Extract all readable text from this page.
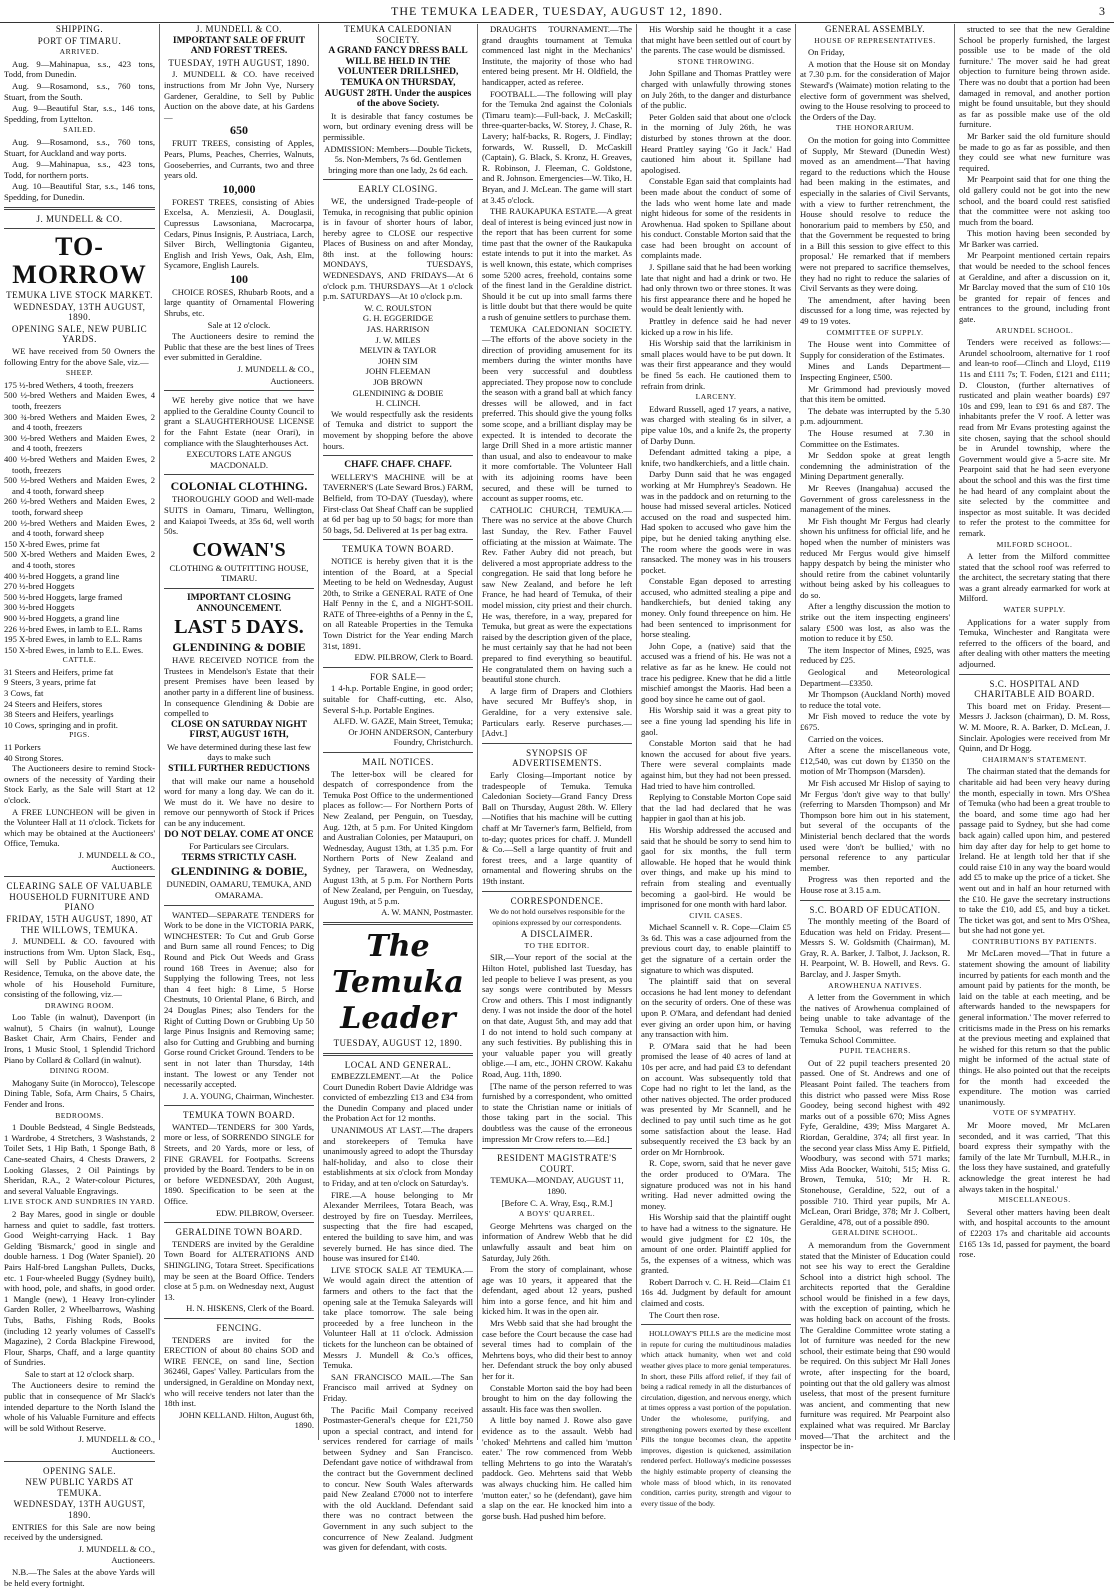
THE TEMUKA LEADER, TUESDAY, AUGUST 12, 1890.	3

SHIPPING.

PORT OF TIMARU.

ARRIVED.

Aug. 9—Mahinapua, s.s., 423 tons, Todd, from Dunedin.

Aug. 9—Rosamond, s.s., 760 tons, Stuart, from the South.

Aug. 9—Beautiful Star, s.s., 146 tons, Spedding, from Lyttelton.

SAILED.

Aug. 9—Rosamond, s.s., 760 tons, Stuart, for Auckland and way ports.

Aug. 9—Mahinapua, s.s., 423 tons, Todd, for northern ports.

Aug. 10—Beautiful Star, s.s., 146 tons, Spedding, for Dunedin.

J. MUNDELL & CO.

TO-MORROW

TEMUKA LIVE STOCK MARKET.

WEDNESDAY, 13TH AUGUST, 1890.

OPENING SALE, NEW PUBLIC YARDS.

WE have received from 50 Owners the following Entry for the above Sale, viz.—

SHEEP.

175 ½-bred Wethers, 4 tooth, freezers
500 ½-bred Wethers and Maiden Ewes, 4 tooth, freezers
300 ¾-bred Wethers and Maiden Ewes, 2 and 4 tooth, freezers
300 ½-bred Wethers and Maiden Ewes, 2 and 4 tooth, freezers
400 ½-bred Wethers and Maiden Ewes, 2 tooth, freezers
500 ½-bred Wethers and Maiden Ewes, 2 and 4 tooth, forward sheep
260 ½-bred Wethers and Maiden Ewes, 2 tooth, forward sheep
200 ½-bred Wethers and Maiden Ewes, 2 and 4 tooth, forward sheep
150 X-bred Ewes, prime fat
500 X-bred Wethers and Maiden Ewes, 2 and 4 tooth, stores
400 ½-bred Hoggets, a grand line
270 ½-bred Hoggets
500 ½-bred Hoggets, large framed
300 ½-bred Hoggets
900 ½-bred Hoggets, a grand line
226 ½-bred Ewes, in lamb to E.L. Rams
195 X-bred Ewes, in lamb to E.L. Rams
150 X-bred Ewes, in lamb to E.L. Ewes.

CATTLE.

31 Steers and Heifers, prime fat
9 Steers, 3 years, prime fat
3 Cows, fat
24 Steers and Heifers, stores
38 Steers and Heifers, yearlings
10 Cows, springing and in profit.

PIGS.

11 Porkers
40 Strong Stores.

The Auctioneers desire to remind Stock-owners of the necessity of Yarding their Stock Early, as the Sale will Start at 12 o'clock.

A FREE LUNCHEON will be given in the Volunteer Hall at 11 o'clock. Tickets for which may be obtained at the Auctioneers' Office, Temuka.

J. MUNDELL & CO.,

Auctioneers.

CLEARING SALE OF VALUABLE HOUSEHOLD FURNITURE AND PIANO

FRIDAY, 15TH AUGUST, 1890, AT THE WILLOWS, TEMUKA.

J. MUNDELL & CO. favoured with instructions from Wm. Upton Slack, Esq., will Sell by Public Auction at his Residence, Temuka, on the above date, the whole of his Household Furniture, consisting of the following, viz.—

DRAWING ROOM.

Loo Table (in walnut), Davenport (in walnut), 5 Chairs (in walnut), Lounge Basket Chair, Arm Chairs, Fender and Irons, 1 Music Stool, 1 Splendid Trichord Piano by Collard & Collard (in walnut).

DINING ROOM.

Mahogany Suite (in Morocco), Telescope Dining Table, Sofa, Arm Chairs, 5 Chairs, Fender and Irons.

BEDROOMS.

1 Double Bedstead, 4 Single Bedsteads, 1 Wardrobe, 4 Stretchers, 3 Washstands, 2 Toilet Sets, 1 Hip Bath, 1 Sponge Bath, 8 Cane-seated Chairs, 4 Chests Drawers, 2 Looking Glasses, 2 Oil Paintings by Sheridan, R.A., 2 Water-colour Pictures, and several Valuable Engravings.

LIVE STOCK AND SUNDRIES IN YARD.

2 Bay Mares, good in single or double harness and quiet to saddle, fast trotters. Good Weight-carrying Hack. 1 Bay Gelding 'Bismarck,' good in single and double harness. 1 Dog (Water Spaniel). 20 Pairs Half-bred Langshan Pullets, Ducks, etc. 1 Four-wheeled Buggy (Sydney built), with hood, pole, and shafts, in good order. 1 Mangle (new), 1 Heavy Iron-cylinder Garden Roller, 2 Wheelbarrows, Washing Tubs, Baths, Fishing Rods, Books (including 12 yearly volumes of Cassell's Magazine), 2 Corda Blackpine Firewood, Flour, Sharps, Chaff, and a large quantity of Sundries.

Sale to start at 12 o'clock sharp.

The Auctioneers desire to remind the public that in consequence of Mr Slack's intended departure to the North Island the whole of his Valuable Furniture and effects will be sold Without Reserve.

J. MUNDELL & CO.,

Auctioneers.

OPENING SALE.

NEW PUBLIC YARDS AT TEMUKA.

WEDNESDAY, 13TH AUGUST, 1890.

ENTRIES for this Sale are now being received by the undersigned.

J. MUNDELL & CO.,

Auctioneers.

N.B.—The Sales at the above Yards will be held every fortnight.

J. MUNDELL & CO.

IMPORTANT SALE OF FRUIT AND FOREST TREES.

TUESDAY, 19TH AUGUST, 1890.

J. MUNDELL & CO. have received instructions from Mr John Vye, Nursery Gardener, Geraldine, to Sell by Public Auction on the above date, at his Gardens—

650

FRUIT TREES, consisting of Apples, Pears, Plums, Peaches, Cherries, Walnuts, Gooseberries, and Currants, two and three years old.

10,000

FOREST TREES, consisting of Abies Excelsa, A. Menziesii, A. Douglasii, Cupressus Lawsoniana, Macrocarpa, Cedars, Pinus Insignis, P. Austriaca, Larch, Silver Birch, Wellingtonia Giganteu, English and Irish Yews, Oak, Ash, Elm, Sycamore, English Laurels.

100

CHOICE ROSES, Rhubarb Roots, and a large quantity of Ornamental Flowering Shrubs, etc.

Sale at 12 o'clock.

The Auctioneers desire to remind the Public that these are the best lines of Trees ever submitted in Geraldine.

J. MUNDELL & CO.,

Auctioneers.

WE hereby give notice that we have applied to the Geraldine County Council to grant a SLAUGHTERHOUSE LICENSE for the Fahnt Estate (near Orari), in compliance with the Slaughterhouses Act.

EXECUTORS LATE ANGUS MACDONALD.

COLONIAL CLOTHING.

THOROUGHLY GOOD and Well-made SUITS in Oamaru, Timaru, Wellington, and Kaiapoi Tweeds, at 35s 6d, well worth 50s.

COWAN'S

CLOTHING & OUTFITTING HOUSE, TIMARU.

IMPORTANT CLOSING ANNOUNCEMENT.

LAST 5 DAYS.

GLENDINING & DOBIE

HAVE RECEIVED NOTICE from the Trustees in Mendelson's Estate that their present Premises have been leased by another party in a different line of business. In consequence Glendining & Dobie are compelled to

CLOSE ON SATURDAY NIGHT FIRST, AUGUST 16TH,

We have determined during these last few days to make such

STILL FURTHER REDUCTIONS

that will make our name a household word for many a long day. We can do it. We must do it. We have no desire to remove our pennyworth of Stock if Prices can be any inducement.

DO NOT DELAY. COME AT ONCE

For Particulars see Circulars.

TERMS STRICTLY CASH.

GLENDINING & DOBIE,

DUNEDIN, OAMARU, TEMUKA, AND OMARAMA.

WANTED—SEPARATE TENDERS for Work to be done in the VICTORIA PARK, WINCHESTER: To Cut and Grub Gorse and Burn same all round Fences; to Dig Round and Pick Out Weeds and Grass round 168 Trees in Avenue; also for Supplying the following Trees, not less than 4 feet high: 8 Lime, 5 Horse Chestnuts, 10 Oriental Plane, 6 Birch, and 24 Douglas Pines; also Tenders for the Right of Cutting Down or Grubbing Up 50 large Pinus Insignis and Removing same; also for Cutting and Grubbing and burning Gorse round Cricket Ground. Tenders to be sent in not later than Thursday, 14th instant. The lowest or any Tender not necessarily accepted.

J. A. YOUNG, Chairman, Winchester.

TEMUKA TOWN BOARD.

WANTED—TENDERS for 300 Yards, more or less, of SORRENDO SINGLE for Streets, and 20 Yards, more or less, of FINE GRAVEL for Footpaths. Screens provided by the Board. Tenders to be in on or before WEDNESDAY, 20th August, 1890. Specification to be seen at the Office.

EDW. PILBROW, Overseer.

GERALDINE TOWN BOARD.

TENDERS are invited by the Geraldine Town Board for ALTERATIONS AND SHINGLING, Totara Street. Specifications may be seen at the Board Office. Tenders close at 5 p.m. on Wednesday next, August 13.

H. N. HISKENS, Clerk of the Board.

FENCING.

TENDERS are invited for the ERECTION of about 80 chains SOD and WIRE FENCE, on sand line, Section 36246l, Gapes' Valley. Particulars from the undersigned, in Geraldine on Monday next, who will receive tenders not later than the 18th inst.

JOHN KELLAND. Hilton, August 6th, 1890.

TEMUKA CALEDONIAN SOCIETY.

A GRAND FANCY DRESS BALL WILL BE HELD IN THE VOLUNTEER DRILLSHED, TEMUKA ON THURSDAY, AUGUST 28TH. Under the auspices of the above Society.

It is desirable that fancy costumes be worn, but ordinary evening dress will be permissible.

ADMISSION: Members—Double Tickets, 5s. Non-Members, 7s 6d. Gentlemen bringing more than one lady, 2s 6d each.

EARLY CLOSING.

WE, the undersigned Trade-people of Temuka, in recognising that public opinion is in favour of shorter hours of labor, hereby agree to CLOSE our respective Places of Business on and after Monday, 8th inst. at the following hours: MONDAYS, TUESDAYS, WEDNESDAYS, AND FRIDAYS—At 6 o'clock p.m. THURSDAYS—At 1 o'clock p.m. SATURDAYS—At 10 o'clock p.m.

W. C. ROULSTON
G. H. EGGERIDGE
JAS. HARRISON
J. W. MILES
MELVIN & TAYLOR
JOHN SIM
JOHN FLEEMAN
JOB BROWN
GLENDINING & DOBIE
H. CLINCH.

We would respectfully ask the residents of Temuka and district to support the movement by shopping before the above hours.

CHAFF. CHAFF. CHAFF.

WELLERY'S MACHINE will be at TAVERNER'S (Late Seward Bros.) FARM, Belfield, from TO-DAY (Tuesday), where First-class Oat Sheaf Chaff can be supplied at 6d per bag up to 50 bags; for more than 50 bags, 5d. Delivered at 1s per bag extra.

TEMUKA TOWN BOARD.

NOTICE is hereby given that it is the intention of the Board, at a Special Meeting to be held on Wednesday, August 20th, to Strike a GENERAL RATE of One Half Penny in the £, and a NIGHT-SOIL RATE of Three-eighths of a Penny in the £, on all Rateable Properties in the Temuka Town District for the Year ending March 31st, 1891.

EDW. PILBROW, Clerk to Board.

FOR SALE—

1 4-h.p. Portable Engine, in good order; suitable for Chaff-cutting, etc. Also, Several S-h.p. Portable Engines.

ALFD. W. GAZE, Main Street, Temuka; Or JOHN ANDERSON, Canterbury Foundry, Christchurch.

MAIL NOTICES.

The letter-box will be cleared for despatch of correspondence from the Temuka Post Office to the undermentioned places as follow:— For Northern Ports of New Zealand, per Penguin, on Tuesday, Aug. 12th, at 5 p.m. For United Kingdom and Australian Colonies, per Mataupuri, on Wednesday, August 13th, at 1.35 p.m. For Northern Ports of New Zealand and Sydney, per Tarawera, on Wednesday, August 13th, at 5 p.m. For Northern Ports of New Zealand, per Penguin, on Tuesday, August 19th, at 5 p.m.

A. W. MANN, Postmaster.

The Temuka Leader

TUESDAY, AUGUST 12, 1890.

LOCAL AND GENERAL.

EMBEZZLEMENT.—At the Police Court Dunedin Robert Davie Aldridge was convicted of embezzling £13 and £34 from the Dunedin Company and placed under the Probation Act for 12 months.

UNANIMOUS AT LAST.—The drapers and storekeepers of Temuka have unanimously agreed to adopt the Thursday half-holiday, and also to close their establishments at six o'clock from Monday to Friday, and at ten o'clock on Saturday's.

FIRE.—A house belonging to Mr Alexander Merrilees, Totara Beach, was destroyed by fire on Tuesday. Merrilees, suspecting that the fire had escaped, entered the building to save him, and was severely burned. He has since died. The house was insured for £140.

LIVE STOCK SALE AT TEMUKA.—We would again direct the attention of farmers and others to the fact that the opening sale at the Temuka Saleyards will take place tomorrow. The sale being proceeded by a free luncheon in the Volunteer Hall at 11 o'clock. Admission tickets for the luncheon can be obtained of Messrs J. Mundell & Co.'s offices, Temuka.

SAN FRANCISCO MAIL.—The San Francisco mail arrived at Sydney on Friday.

The Pacific Mail Company received Postmaster-General's cheque for £21,750 upon a special contract, and intend for services rendered for carriage of mails between Sydney and San Francisco. Defendant gave notice of withdrawal from the contract but the Government declined to concur. New South Wales afterwards paid New Zealand £7000 not to interfere with the old Auckland. Defendant said there was no contract between the Government in any such subject to the concurrence of New Zealand. Judgment was given for defendant, with costs.

DRAUGHTS TOURNAMENT.—The grand draughts tournament at Temuka commenced last night in the Mechanics' Institute, the majority of those who had entered being present. Mr H. Oldfield, the handicapper, acted as referee.

FOOTBALL.—The following will play for the Temuka 2nd against the Colonials (Timaru team):—Full-back, J. McCaskill; three-quarter-backs, W. Storey, J. Chase, R. Lavery; half-backs, R. Rogers, J. Findlay; forwards, W. Russell, D. McCaskill (Captain), G. Black, S. Kronz, H. Greaves, R. Robinson, J. Fleeman, C. Goldstone, and R. Johnson. Emergencies—W. Tiko, H. Bryan, and J. McLean. The game will start at 3.45 o'clock.

THE RAUKAPUKA ESTATE.—A great deal of interest is being evinced just now in the report that has been current for some time past that the owner of the Raukapuka estate intends to put it into the market. As is well known, this estate, which comprises some 5200 acres, freehold, contains some of the finest land in the Geraldine district. Should it be cut up into small farms there is little doubt but that there would be quite a rush of genuine settlers to purchase them.

TEMUKA CALEDONIAN SOCIETY.—The efforts of the above society in the direction of providing amusement for its members during the winter months have been very successful and doubtless appreciated. They propose now to conclude the season with a grand ball at which fancy dresses will be allowed, and in fact preferred. This should give the young folks some scope, and a brilliant display may be expected. It is intended to decorate the large Drill Shed in a more artistic manner than usual, and also to endeavour to make it more comfortable. The Volunteer Hall with its adjoining rooms have been secured, and these will be turned to account as supper rooms, etc.

CATHOLIC CHURCH, TEMUKA.—There was no service at the above Church last Sunday, the Rev. Father Fauvel officiating at the mission at Waimate. The Rev. Father Aubry did not preach, but delivered a most appropriate address to the congregation. He said that long before he saw New Zealand, and before he left France, he had heard of Temuka, of their model mission, city priest and their church. He was, therefore, in a way, prepared for Temuka, but great as were the expectations raised by the description given of the place, he must certainly say that he had not been prepared to find everything so beautiful. He congratulated them on having such a beautiful stone church.

A large firm of Drapers and Clothiers have secured Mr Buffey's shop, in Geraldine, for a very extensive sale. Particulars early. Reserve purchases.—[Advt.]

SYNOPSIS OF ADVERTISEMENTS.

Early Closing—Important notice by tradespeople of Temuka. Temuka Caledonian Society—Grand Fancy Dress Ball on Thursday, August 28th. W. Ellery—Notifies that his machine will be cutting chaff at Mr Taverner's farm, Belfield, from to-day; quotes prices for chaff. J. Mundell & Co.—Sell a large quantity of fruit and forest trees, and a large quantity of ornamental and flowering shrubs on the 19th instant.

CORRESPONDENCE.

We do not hold ourselves responsible for the opinions expressed by our correspondents.

A DISCLAIMER.

TO THE EDITOR.

SIR,—Your report of the social at the Hilton Hotel, published last Tuesday, has led people to believe I was present, as you say songs were contributed by Messrs Crow and others. This I most indignantly deny. I was not inside the door of the hotel on that date, August 5th, and may add that I do not intend to hold such company at any such festivities. By publishing this in your valuable paper you will greatly oblige.—I am, etc., JOHN CROW. Kakahu Road, Aug. 11th, 1890.

[The name of the person referred to was furnished by a correspondent, who omitted to state the Christian name or initials of those taking part in the social. This doubtless was the cause of the erroneous impression Mr Crow refers to.—Ed.]

RESIDENT MAGISTRATE'S COURT.

TEMUKA—MONDAY, AUGUST 11, 1890.

[Before C. A. Wray, Esq., R.M.]

A BOYS' QUARREL.

George Mehrtens was charged on the information of Andrew Webb that he did unlawfully assault and beat him on Saturday, July 26th.

From the story of complainant, whose age was 10 years, it appeared that the defendant, aged about 12 years, pushed him into a gorse fence, and hit him and kicked him. It was in the open air.

Mrs Webb said that she had brought the case before the Court because the case had several times had to complain of the Mehrtens boys, who did their best to annoy her. Defendant struck the boy only abused her for it.

Constable Morton said the boy had been brought to him on the day following the assault. His face was then swollen.

A little boy named J. Rowe also gave evidence as to the assault. Webb had 'choked' Mehrtens and called him 'mutton eater.' The row commenced from Webb telling Mehrtens to go into the Waratah's paddock. Geo. Mehrtens said that Webb was always chucking him. He called him 'mutton eater,' so he (defendant), gave him a slap on the ear. He knocked him into a gorse bush. Had pushed him before.

His Worship said he thought it a case that might have been settled out of court by the parents. The case would be dismissed.

STONE THROWING.

John Spillane and Thomas Prattley were charged with unlawfully throwing stones on July 26th, to the danger and disturbance of the public.

Peter Golden said that about one o'clock in the morning of July 26th, he was disturbed by stones thrown at the door. Heard Prattley saying 'Go it Jack.' Had cautioned him about it. Spillane had apologised.

Constable Egan said that complaints had been made about the conduct of some of the lads who went home late and made night hideous for some of the residents in Arowhenua. Had spoken to Spillane about his conduct. Constable Morton said that the case had been brought on account of complaints made.

J. Spillane said that he had been working late that night and had a drink or two. He had only thrown two or three stones. It was his first appearance there and he hoped he would be dealt leniently with.

Prattley in defence said he had never kicked up a row in his life.

His Worship said that the larrikinism in small places would have to be put down. It was their first appearance and they would be fined 5s each. He cautioned them to refrain from drink.

LARCENY.

Edward Russell, aged 17 years, a native, was charged with stealing 6s in silver, a pipe value 10s, and a knife 2s, the property of Darby Dunn.

Defendant admitted taking a pipe, a knife, two handkerchiefs, and a little chain.

Darby Dunn said that he was engaged working at Mr Humphrey's Seadown. He was in the paddock and on returning to the house had missed several articles. Noticed accused on the road and suspected him. Had spoken to accused who gave him the pipe, but he denied taking anything else. The room where the goods were in was ransacked. The money was in his trousers pocket.

Constable Egan deposed to arresting accused, who admitted stealing a pipe and handkerchiefs, but denied taking any money. Only found threepence on him. He had been sentenced to imprisonment for horse stealing.

John Cope, a (native) said that the accused was a friend of his. He was not a relative as far as he knew. He could not trace his pedigree. Knew that he did a little mischief amongst the Maoris. Had been a good boy since he came out of gaol.

His Worship said it was a great pity to see a fine young lad spending his life in gaol.

Constable Morton said that he had known the accused for about five years. There were several complaints made against him, but they had not been pressed. Had tried to have him controlled.

Replying to Constable Morton Cope said that the lad had declared that he was happier in gaol than at his job.

His Worship addressed the accused and said that he should be sorry to send him to gaol for six months, the full term allowable. He hoped that he would think over things, and make up his mind to refrain from stealing and eventually becoming a gaol-bird. He would be imprisoned for one month with hard labor.

CIVIL CASES.

Michael Scannell v. R. Cope—Claim £5 3s 6d. This was a case adjourned from the previous court day, to enable plaintiff to get the signature of a certain order the signature to which was disputed.

The plaintiff said that on several occasions he had lent money to defendant on the security of orders. One of these was upon P. O'Mara, and defendant had denied ever giving an order upon him, or having any transaction with him.

P. O'Mara said that he had been promised the lease of 40 acres of land at 10s per acre, and had paid £3 to defendant on account. Was subsequently told that Cope had no right to let the land, as the other natives objected. The order produced was presented by Mr Scannell, and he declined to pay until such time as he got some satisfaction about the lease. Had subsequently received the £3 back by an order on Mr Hornbrook.

R. Cope, sworn, said that he never gave the order produced to O'Mara. The signature produced was not in his hand writing. Had never admitted owing the money.

His Worship said that the plaintiff ought to have had a witness to the signature. He would give judgment for £2 10s, the amount of one order. Plaintiff applied for 5s, the expenses of a witness, which was granted.

Robert Darroch v. C. H. Reid—Claim £1 16s 4d. Judgment by default for amount claimed and costs.

The Court then rose.

HOLLOWAY'S PILLS are the medicine most in repute for curing the multitudinous maladies which attack humanity, when wet and cold weather gives place to more genial temperatures. In short, these Pills afford relief, if they fail of being a radical remedy in all the disturbances of circulation, digestion, and nervous energy, which at times oppress a vast portion of the population. Under the wholesome, purifying, and strengthening powers exerted by these excellent Pills the tongue becomes clean, the appetite improves, digestion is quickened, assimilation rendered perfect. Holloway's medicine possesses the highly estimable property of cleansing the whole mass of blood which, in its renovated condition, carries purity, strength and vigour to every tissue of the body.

GENERAL ASSEMBLY.

HOUSE OF REPRESENTATIVES.

On Friday,

A motion that the House sit on Monday at 7.30 p.m. for the consideration of Major Steward's (Waimate) motion relating to the elective form of government was shelved, owing to the House resolving to proceed to the Orders of the Day.

THE HONORARIUM.

On the motion for going into Committee of Supply, Mr Steward (Dunedin West) moved as an amendment—'That having regard to the reductions which the House had been making in the estimates, and especially in the salaries of Civil Servants, with a view to further retrenchment, the House should resolve to reduce the honorarium paid to members by £50, and that the Government be requested to bring in a Bill this session to give effect to this proposal.' He remarked that if members were not prepared to sacrifice themselves, they had no right to reduce the salaries of Civil Servants as they were doing.

The amendment, after having been discussed for a long time, was rejected by 49 to 19 votes.

COMMITTEE OF SUPPLY.

The House went into Committee of Supply for consideration of the Estimates.

Mines and Lands Department—Inspecting Engineer, £500.

Mr Grimmond had previously moved that this item be omitted.

The debate was interrupted by the 5.30 p.m. adjournment.

The House resumed at 7.30 in Committee on the Estimates.

Mr Seddon spoke at great length condemning the administration of the Mining Department generally.

Mr Reeves (Inangahua) accused the Government of gross carelessness in the management of the mines.

Mr Fish thought Mr Fergus had clearly shown his unfitness for official life, and he hoped when the number of ministers was reduced Mr Fergus would give himself happy despatch by being the minister who should retire from the cabinet voluntarily without being asked by his colleagues to do so.

After a lengthy discussion the motion to strike out the item inspecting engineers' salary £500 was lost, as also was the motion to reduce it by £50.

The item Inspector of Mines, £925, was reduced by £25.

Geological and Meteorological Department—£3350.

Mr Thompson (Auckland North) moved to reduce the total vote.

Mr Fish moved to reduce the vote by £675.

Carried on the voices.

After a scene the miscellaneous vote, £12,540, was cut down by £1350 on the motion of Mr Thompson (Marsden).

Mr Fish accused Mr Hislop of saying to Mr Fergus 'don't give way to that bully' (referring to Marsden Thompson) and Mr Thompson bore him out in his statement, but several of the occupants of the Ministerial bench declared that the words used were 'don't be bullied,' with no personal reference to any particular member.

Progress was then reported and the House rose at 3.15 a.m.

S.C. BOARD OF EDUCATION.

The monthly meeting of the Board of Education was held on Friday. Present—Messrs S. W. Goldsmith (Chairman), M. Gray, R. A. Barker, J. Talbot, J. Jackson, R. H. Pearpoint, W. B. Howell, and Revs. G. Barclay, and J. Jasper Smyth.

AROWHENUA NATIVES.

A letter from the Government in which the natives of Arowhenua complained of being unable to take advantage of the Temuka School, was referred to the Temuka School Committee.

PUPIL TEACHERS.

Out of 22 pupil teachers presented 20 passed. One of St. Andrews and one of Pleasant Point failed. The teachers from this district who passed were Miss Rose Goodey, being second highest with 492 marks out of a possible 670; Miss Agnes Fyfe, Geraldine, 439; Miss Margaret A. Riordan, Geraldine, 374; all first year. In the second year class Miss Amy E. Pitfield, Woodbury, was second with 571 marks; Miss Ada Boocker, Waitohi, 515; Miss G. Brown, Temuka, 510; Mr H. R. Stonehouse, Geraldine, 522, out of a possible 710. Third year pupils, Mr A. McLean, Orari Bridge, 378; Mr J. Colbert, Geraldine, 478, out of a possible 890.

GERALDINE SCHOOL.

A memorandum from the Government stated that the Minister of Education could not see his way to erect the Geraldine School into a district high school. The architects reported that the Geraldine school would be finished in a few days, with the exception of painting, which he was holding back on account of the frosts. The Geraldine Committee wrote stating a lot of furniture was needed for the new school, their estimate being that £90 would be required. On this subject Mr Hall Jones wrote, after inspecting for the board, pointing out that the old gallery was almost useless, that most of the present furniture was ancient, and commenting that new furniture was required. Mr Pearpoint also explained what was required. Mr Barclay moved—'That the architect and the inspector be in-

structed to see that the new Geraldine School be properly furnished, the largest possible use to be made of the old furniture.' The mover said he had great objection to furniture being thrown aside. There was no doubt that a portion had been damaged in removal, and another portion might be found unsuitable, but they should as far as possible make use of the old furniture.

Mr Barker said the old furniture should be made to go as far as possible, and then they could see what new furniture was required.

Mr Pearpoint said that for one thing the old gallery could not be got into the new school, and the board could rest satisfied that the committee were not asking too much from the board.

This motion having been seconded by Mr Barker was carried.

Mr Pearpoint mentioned certain repairs that would be needed to the school fences at Geraldine, and after a discussion on it, Mr Barclay moved that the sum of £10 10s be granted for repair of fences and entrances to the ground, including front gate.

ARUNDEL SCHOOL.

Tenders were received as follows:—Arundel schoolroom, alternative for 1 roof and lean-to roof—Clinch and Lloyd, £119 11s and £111 7s; T. Foden, £121 and £111; D. Clouston, (further alternatives of rusticated and plain weather boards) £97 10s and £99, lean to £91 6s and £87. The inhabitants prefer the V roof. A letter was read from Mr Evans protesting against the site chosen, saying that the school should be in Arundel township, where the Government would give a 5-acre site. Mr Pearpoint said that he had seen everyone about the school and this was the first time he had heard of any complaint about the site selected by the committee and inspector as most suitable. It was decided to refer the protest to the committee for remark.

MILFORD SCHOOL.

A letter from the Milford committee stated that the school roof was referred to the architect, the secretary stating that there was a grant already earmarked for work at Milford.

WATER SUPPLY.

Applications for a water supply from Temuka, Winchester and Rangitata were referred to the officers of the board, and after dealing with other matters the meeting adjourned.

S.C. HOSPITAL AND CHARITABLE AID BOARD.

This board met on Friday. Present—Messrs J. Jackson (chairman), D. M. Ross, W. M. Moore, R. A. Barker, D. McLean, J. Sinclair. Apologies were received from Mr Quinn, and Dr Hogg.

CHAIRMAN'S STATEMENT.

The chairman stated that the demands for charitable aid had been very heavy during the month, especially in town. Mrs O'Shea of Temuka (who had been a great trouble to the board, and some time ago had her passage paid to Sydney, but she had come back again) called upon him, and pestered him day after day for help to get home to Ireland. He at length told her that if she could raise £10 in any way the board would add £5 to make up the price of a ticket. She went out and in half an hour returned with the £10. He gave the secretary instructions to take the £10, add £5, and buy a ticket. The ticket was got, and sent to Mrs O'Shea, but she had not gone yet.

CONTRIBUTIONS BY PATIENTS.

Mr McLaren moved—'That in future a statement showing the amount of liability incurred by patients for each month and the amount paid by patients for the month, be laid on the table at each meeting, and be afterwards handed to the newspapers for general information.' The mover referred to criticisms made in the Press on his remarks at the previous meeting and explained that he wished for this return so that the public might be informed of the actual state of things. He also pointed out that the receipts for the month had exceeded the expenditure. The motion was carried unanimously.

VOTE OF SYMPATHY.

Mr Moore moved, Mr McLaren seconded, and it was carried, 'That this board express their sympathy with the family of the late Mr Turnbull, M.H.R., in the loss they have sustained, and gratefully acknowledge the great interest he had always taken in the hospital.'

MISCELLANEOUS.

Several other matters having been dealt with, and hospital accounts to the amount of £2203 17s and charitable aid accounts £165 13s 1d, passed for payment, the board rose.
